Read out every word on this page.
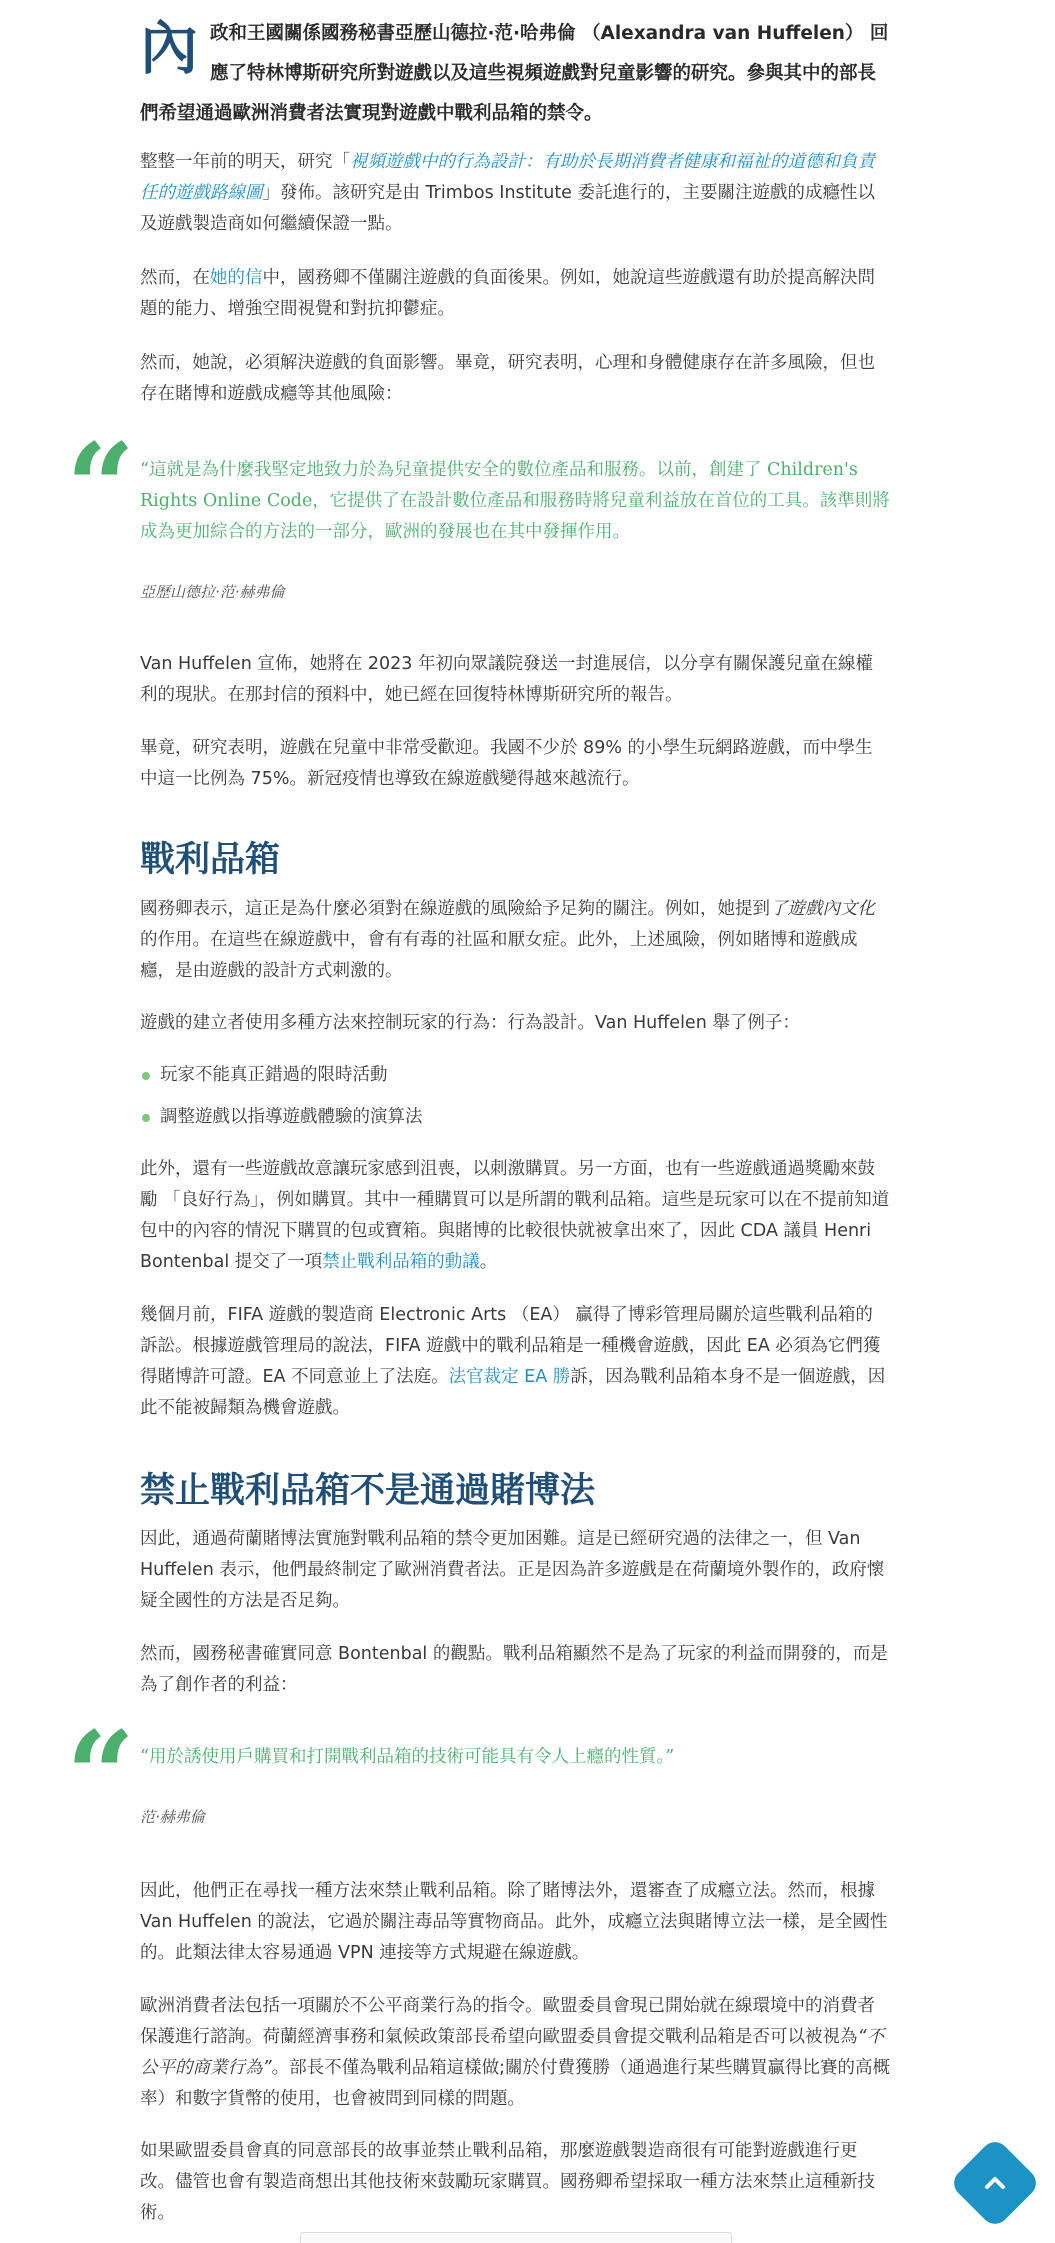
內 政和王國關係國務秘書亞歷山德拉·范·哈弗倫 （Alexandra van Huffelen） 回應了特林博斯研究所對遊戲以及這些視頻遊戲對兒童影響的研究。參與其中的部長們希望通過歐洲消費者法實現對遊戲中戰利品箱的禁令。

整整一年前的明天，研究「視頻遊戲中的行為設計：有助於長期消費者健康和福祉的道德和負責任的遊戲路線圖」發佈。該研究是由 Trimbos Institute 委託進行的，主要關注遊戲的成癮性以及遊戲製造商如何繼續保證一點。

然而，在她的信中，國務卿不僅關注遊戲的負面後果。例如，她說這些遊戲還有助於提高解決問題的能力、增強空間視覺和對抗抑鬱症。

然而，她說，必須解決遊戲的負面影響。畢竟，研究表明，心理和身體健康存在許多風險，但也存在賭博和遊戲成癮等其他風險：

“ “這就是為什麼我堅定地致力於為兒童提供安全的數位產品和服務。以前，創建了 Children's Rights Online Code，它提供了在設計數位產品和服務時將兒童利益放在首位的工具。該準則將成為更加綜合的方法的一部分，歐洲的發展也在其中發揮作用。

亞歷山德拉·范·赫弗倫

Van Huffelen 宣佈，她將在 2023 年初向眾議院發送一封進展信，以分享有關保護兒童在線權利的現狀。在那封信的預料中，她已經在回復特林博斯研究所的報告。

畢竟，研究表明，遊戲在兒童中非常受歡迎。我國不少於 89% 的小學生玩網路遊戲，而中學生中這一比例為 75%。新冠疫情也導致在線遊戲變得越來越流行。

戰利品箱

國務卿表示，這正是為什麼必須對在線遊戲的風險給予足夠的關注。例如，她提到了遊戲內文化的作用。在這些在線遊戲中，會有有毒的社區和厭女症。此外，上述風險，例如賭博和遊戲成癮，是由遊戲的設計方式刺激的。

遊戲的建立者使用多種方法來控制玩家的行為：行為設計。Van Huffelen 舉了例子：

玩家不能真正錯過的限時活動
調整遊戲以指導遊戲體驗的演算法

此外，還有一些遊戲故意讓玩家感到沮喪，以刺激購買。另一方面，也有一些遊戲通過獎勵來鼓勵 「良好行為」，例如購買。其中一種購買可以是所謂的戰利品箱。這些是玩家可以在不提前知道包中的內容的情況下購買的包或寶箱。與賭博的比較很快就被拿出來了，因此 CDA 議員 Henri Bontenbal 提交了一項禁止戰利品箱的動議。

幾個月前，FIFA 遊戲的製造商 Electronic Arts （EA） 贏得了博彩管理局關於這些戰利品箱的訴訟。根據遊戲管理局的說法，FIFA 遊戲中的戰利品箱是一種機會遊戲，因此 EA 必須為它們獲得賭博許可證。EA 不同意並上了法庭。法官裁定 EA 勝訴，因為戰利品箱本身不是一個遊戲，因此不能被歸類為機會遊戲。

禁止戰利品箱不是通過賭博法

因此，通過荷蘭賭博法實施對戰利品箱的禁令更加困難。這是已經研究過的法律之一，但 Van Huffelen 表示，他們最終制定了歐洲消費者法。正是因為許多遊戲是在荷蘭境外製作的，政府懷疑全國性的方法是否足夠。

然而，國務秘書確實同意 Bontenbal 的觀點。戰利品箱顯然不是為了玩家的利益而開發的，而是為了創作者的利益：

“ “用於誘使用戶購買和打開戰利品箱的技術可能具有令人上癮的性質。”

范·赫弗倫

因此，他們正在尋找一種方法來禁止戰利品箱。除了賭博法外，還審查了成癮立法。然而，根據 Van Huffelen 的說法，它過於關注毒品等實物商品。此外，成癮立法與賭博立法一樣，是全國性的。此類法律太容易通過 VPN 連接等方式規避在線遊戲。

歐洲消費者法包括一項關於不公平商業行為的指令。歐盟委員會現已開始就在線環境中的消費者保護進行諮詢。荷蘭經濟事務和氣候政策部長希望向歐盟委員會提交戰利品箱是否可以被視為“不公平的商業行為”。部長不僅為戰利品箱這樣做;關於付費獲勝（通過進行某些購買贏得比賽的高概率）和數字貨幣的使用，也會被問到同樣的問題。

如果歐盟委員會真的同意部長的故事並禁止戰利品箱，那麼遊戲製造商很有可能對遊戲進行更改。儘管也會有製造商想出其他技術來鼓勵玩家購買。國務卿希望採取一種方法來禁止這種新技術。
